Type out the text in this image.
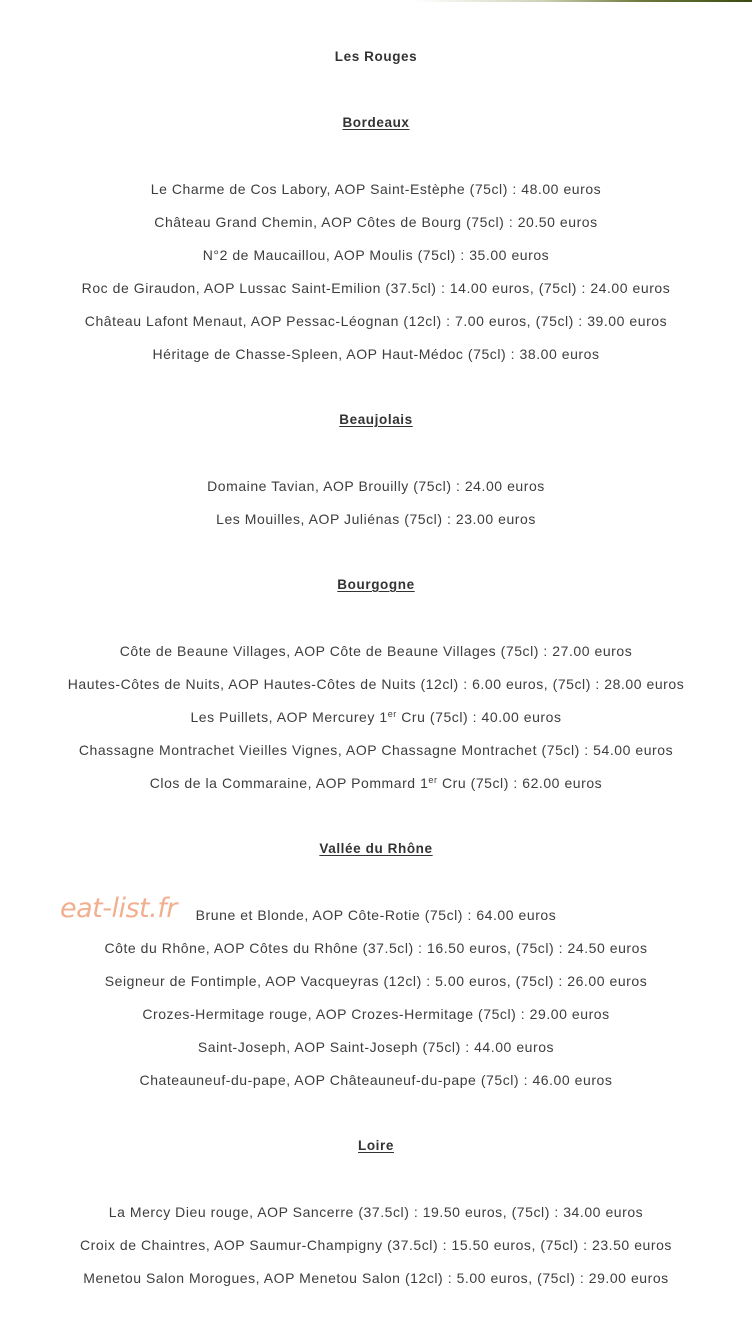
Les Rouges
Bordeaux
Le Charme de Cos Labory, AOP Saint-Estèphe (75cl) : 48.00 euros
Château Grand Chemin, AOP Côtes de Bourg (75cl) : 20.50 euros
N°2 de Maucaillou, AOP Moulis (75cl) : 35.00 euros
Roc de Giraudon, AOP Lussac Saint-Emilion (37.5cl) : 14.00 euros, (75cl) : 24.00 euros
Château Lafont Menaut, AOP Pessac-Léognan (12cl) : 7.00 euros, (75cl) : 39.00 euros
Héritage de Chasse-Spleen, AOP Haut-Médoc (75cl) : 38.00 euros
Beaujolais
Domaine Tavian, AOP Brouilly (75cl) : 24.00 euros
Les Mouilles, AOP Juliénas (75cl) : 23.00 euros
Bourgogne
Côte de Beaune Villages, AOP Côte de Beaune Villages (75cl) : 27.00 euros
Hautes-Côtes de Nuits, AOP Hautes-Côtes de Nuits (12cl) : 6.00 euros, (75cl) : 28.00 euros
Les Puillets, AOP Mercurey 1er Cru (75cl) : 40.00 euros
Chassagne Montrachet Vieilles Vignes, AOP Chassagne Montrachet (75cl) : 54.00 euros
Clos de la Commaraine, AOP Pommard 1er Cru (75cl) : 62.00 euros
Vallée du Rhône
Brune et Blonde, AOP Côte-Rotie (75cl) : 64.00 euros
Côte du Rhône, AOP Côtes du Rhône (37.5cl) : 16.50 euros, (75cl) : 24.50 euros
Seigneur de Fontimple, AOP Vacqueyras (12cl) : 5.00 euros, (75cl) : 26.00 euros
Crozes-Hermitage rouge, AOP Crozes-Hermitage (75cl) : 29.00 euros
Saint-Joseph, AOP Saint-Joseph (75cl) : 44.00 euros
Chateauneuf-du-pape, AOP Châteauneuf-du-pape (75cl) : 46.00 euros
Loire
La Mercy Dieu rouge, AOP Sancerre (37.5cl) : 19.50 euros, (75cl) : 34.00 euros
Croix de Chaintres, AOP Saumur-Champigny (37.5cl) : 15.50 euros, (75cl) : 23.50 euros
Menetou Salon Morogues, AOP Menetou Salon (12cl) : 5.00 euros, (75cl) : 29.00 euros
eat-list.fr
